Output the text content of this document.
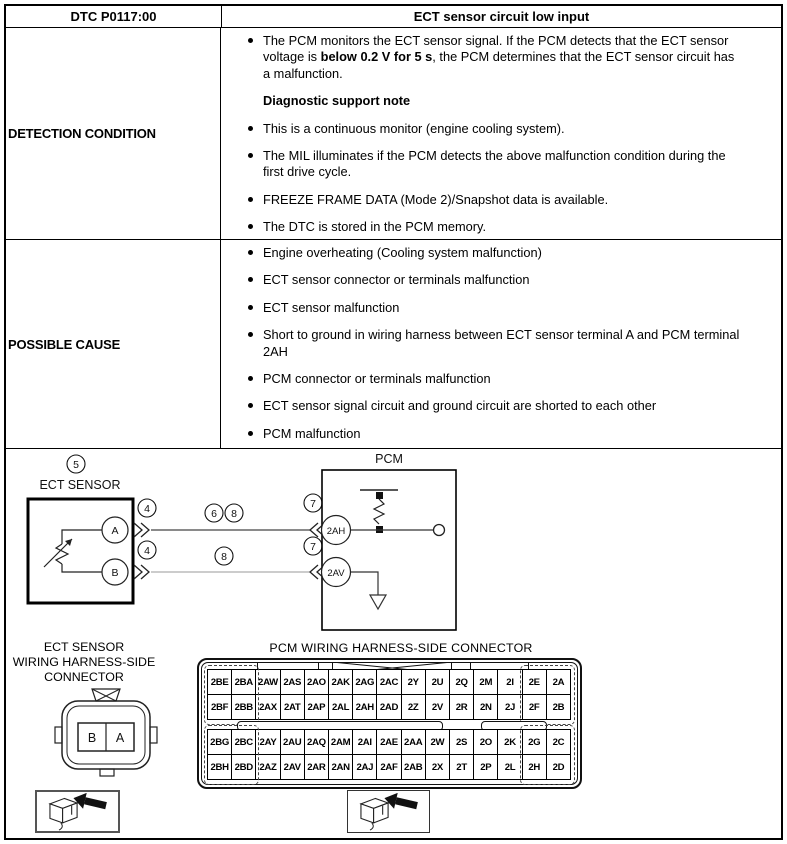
DTC P0117:00	ECT sensor circuit low input
DETECTION CONDITION
The PCM monitors the ECT sensor signal. If the PCM detects that the ECT sensor voltage is below 0.2 V for 5 s, the PCM determines that the ECT sensor circuit has a malfunction.
Diagnostic support note
This is a continuous monitor (engine cooling system).
The MIL illuminates if the PCM detects the above malfunction condition during the first drive cycle.
FREEZE FRAME DATA (Mode 2)/Snapshot data is available.
The DTC is stored in the PCM memory.
POSSIBLE CAUSE
Engine overheating (Cooling system malfunction)
ECT sensor connector or terminals malfunction
ECT sensor malfunction
Short to ground in wiring harness between ECT sensor terminal A and PCM terminal 2AH
PCM connector or terminals malfunction
ECT sensor signal circuit and ground circuit are shorted to each other
PCM malfunction
5
ECT SENSOR
A
B
4
4
6 8
8
7
7
PCM
2AH
2AV
ECT SENSOR
WIRING HARNESS-SIDE
CONNECTOR
B A
PCM WIRING HARNESS-SIDE CONNECTOR
2BE 2BA 2AW 2AS 2AO 2AK 2AG 2AC 2Y	2U	2Q	2M	2I	2E	2A
2BF 2BB 2AX 2AT 2AP 2AL 2AH 2AD	2Z	2V	2R	2N	2J	2F	2B
2BG 2BC 2AY 2AU 2AQ 2AM 2AI 2AE 2AA 2W	2S	2O	2K	2G	2C
2BH 2BD 2AZ 2AV 2AR 2AN 2AJ 2AF 2AB 2X	2T	2P	2L	2H	2D
